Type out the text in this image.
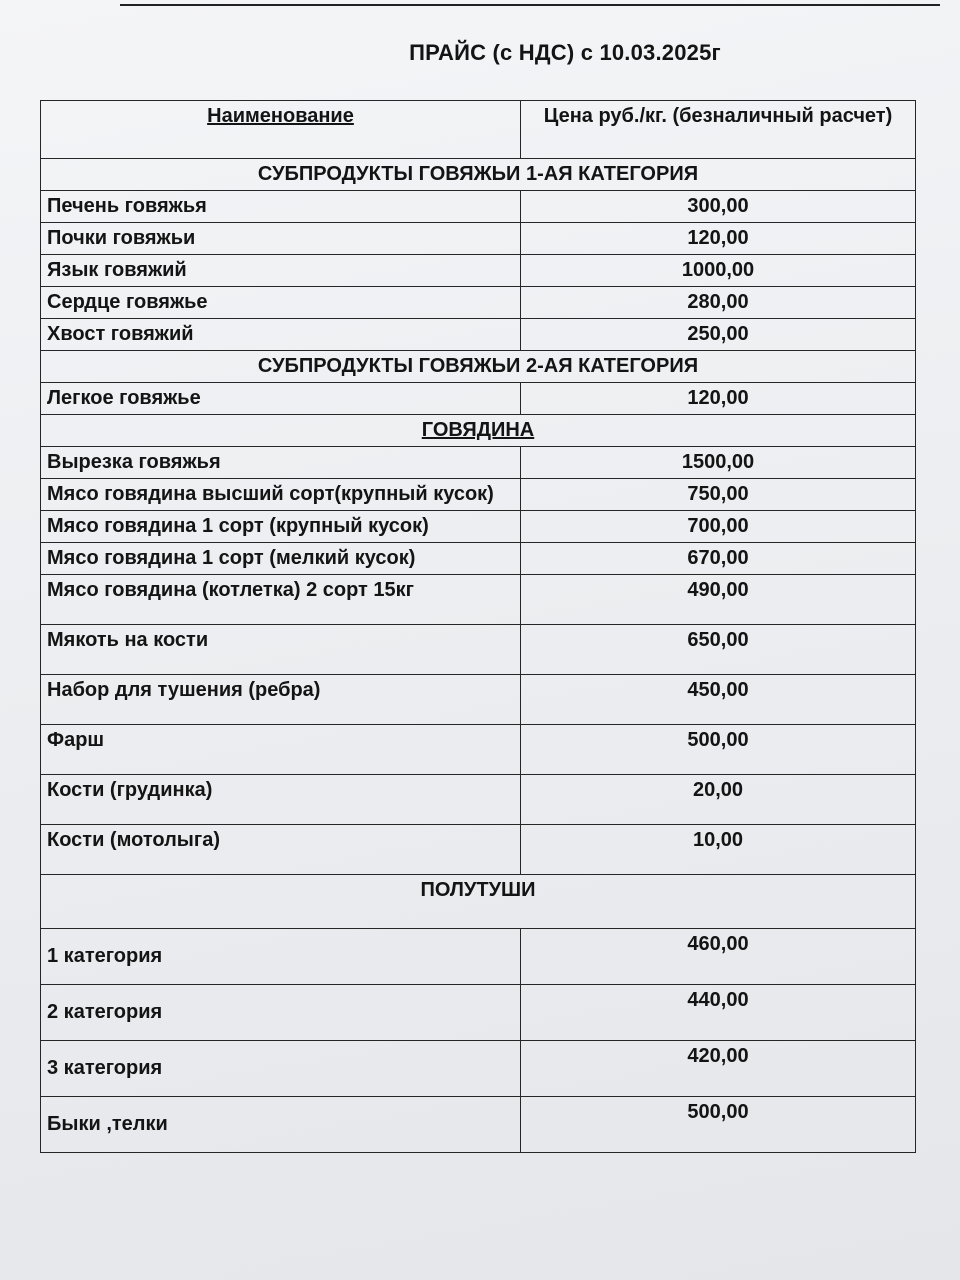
ПРАЙС (с НДС) с 10.03.2025г
Наименование	Цена руб./кг. (безналичный расчет)
СУБПРОДУКТЫ ГОВЯЖЬИ 1-АЯ КАТЕГОРИЯ	
Печень говяжья	300,00
Почки говяжьи	120,00
Язык говяжий	1000,00
Сердце говяжье	280,00
Хвост говяжий	250,00
СУБПРОДУКТЫ ГОВЯЖЬИ 2-АЯ КАТЕГОРИЯ	
Легкое говяжье	120,00
ГОВЯДИНА	
Вырезка говяжья	1500,00
Мясо говядина высший сорт(крупный кусок)	750,00
Мясо говядина 1 сорт (крупный кусок)	700,00
Мясо говядина 1 сорт (мелкий кусок)	670,00
Мясо говядина (котлетка) 2 сорт 15кг	490,00
Мякоть на кости	650,00
Набор для тушения (ребра)	450,00
Фарш	500,00
Кости (грудинка)	20,00
Кости (мотолыга)	10,00
ПОЛУТУШИ	
1 категория	460,00
2 категория	440,00
3 категория	420,00
Быки ,телки	500,00
